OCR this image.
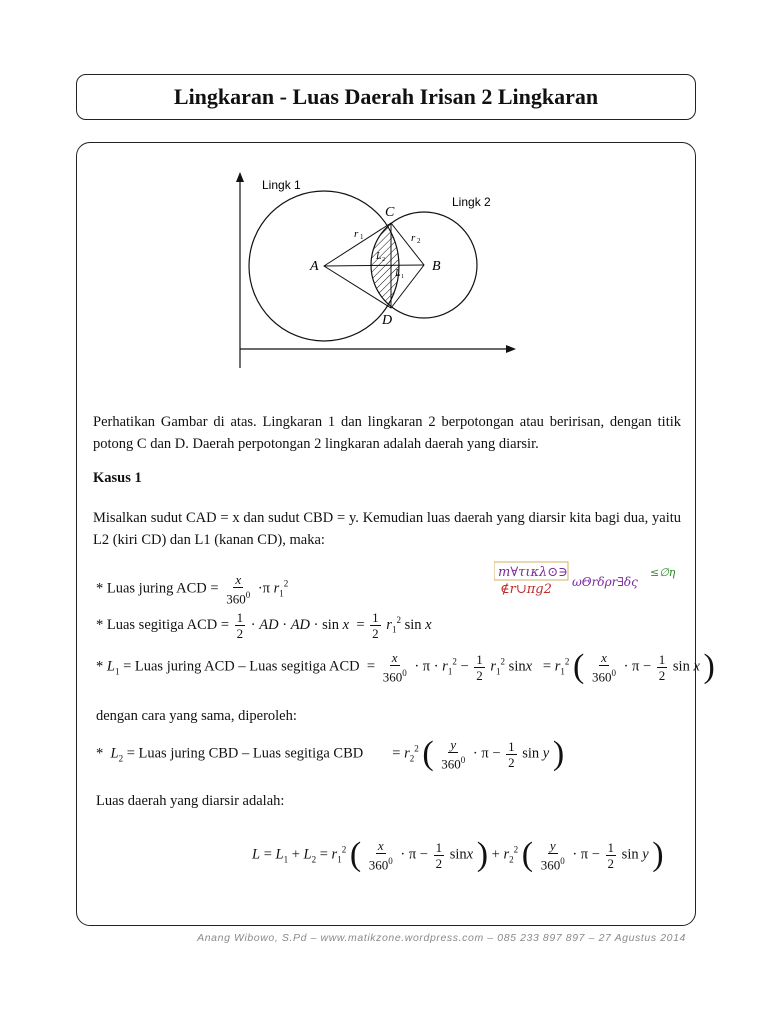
Lingkaran - Luas Daerah Irisan 2 Lingkaran
Lingk 1
Lingk 2
A	B
C
D
r 1	r 2
L 2
L 1
Perhatikan Gambar di atas. Lingkaran 1 dan lingkaran 2 berpotongan atau beririsan, dengan titik potong C dan D. Daerah perpotongan 2 lingkaran adalah daerah yang diarsir.
Kasus 1
Misalkan sudut CAD = x dan sudut CBD = y. Kemudian luas daerah yang diarsir kita bagi dua, yaitu L2 (kiri CD) dan L1 (kanan CD), maka:
* Luas juring ACD = $\frac{x}{360^0} \cdot\pi$ $r_1^2$
m∀τικλ⊙∋
∉r∪πg2 ωΘrδρr∃δς
≤∅η
* Luas segitiga ACD = $\frac{1}{2}$ · AD · AD · $\sin x = \frac{1}{2} r_1^2$ sin x
* $L_1$ = Luas juring ACD – Luas segitiga ACD  = $\frac{x}{360^0} \cdot \pi \cdot r_1^2 - \frac{1}{2} r_1^2$ $\sin x = r_1^2$ ( $\frac{x}{360^0} \cdot \pi - \frac{1}{2}$ sin x )
dengan cara yang sama, diperoleh:
*  $L_2$ = Luas juring CBD – Luas segitiga CBD        = $r_2^2$ ( $\frac{y}{360^0} \cdot \pi - \frac{1}{2}$ sin y )
Luas daerah yang diarsir adalah:
$L = L_1 + L_2 = r_1^2$ ( $\frac{x}{360^0} \cdot \pi - \frac{1}{2}$ sinx ) + $r_2^2$ ( $\frac{y}{360^0} \cdot \pi - \frac{1}{2}$ sin y )
Anang Wibowo, S.Pd – www.matikzone.wordpress.com – 085 233 897 897 – 27 Agustus 2014
